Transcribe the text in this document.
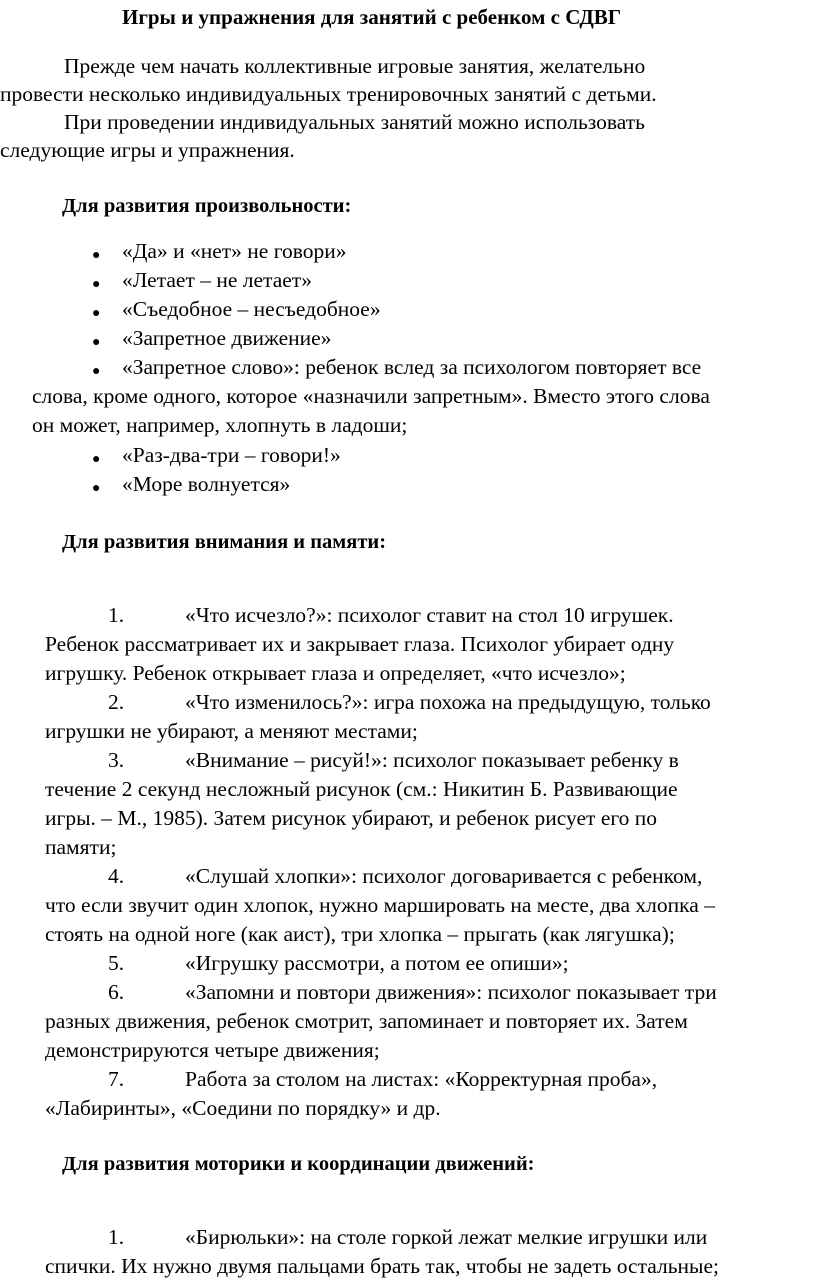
Игры и упражнения для занятий с ребенком с СДВГ
Прежде чем начать коллективные игровые занятия, желательно
провести несколько индивидуальных тренировочных занятий с детьми.
При проведении индивидуальных занятий можно использовать
следующие игры и упражнения.
Для развития произвольности:
● «Да» и «нет» не говори»
● «Летает – не летает»
● «Съедобное – несъедобное»
● «Запретное движение»
● «Запретное слово»: ребенок вслед за психологом повторяет все
слова, кроме одного, которое «назначили запретным». Вместо этого слова
он может, например, хлопнуть в ладоши;
● «Раз-два-три – говори!»
● «Море волнуется»
Для развития внимания и памяти:
1.	«Что исчезло?»: психолог ставит на стол 10 игрушек.
Ребенок рассматривает их и закрывает глаза. Психолог убирает одну
игрушку. Ребенок открывает глаза и определяет, «что исчезло»;
2.	«Что изменилось?»: игра похожа на предыдущую, только
игрушки не убирают, а меняют местами;
3.	«Внимание – рисуй!»: психолог показывает ребенку в
течение 2 секунд несложный рисунок (см.: Никитин Б. Развивающие
игры. – М., 1985). Затем рисунок убирают, и ребенок рисует его по
памяти;
4.	«Слушай хлопки»: психолог договаривается с ребенком,
что если звучит один хлопок, нужно маршировать на месте, два хлопка –
стоять на одной ноге (как аист), три хлопка – прыгать (как лягушка);
5.	«Игрушку рассмотри, а потом ее опиши»;
6.	«Запомни и повтори движения»: психолог показывает три
разных движения, ребенок смотрит, запоминает и повторяет их. Затем
демонстрируются четыре движения;
7.	Работа за столом на листах: «Корректурная проба»,
«Лабиринты», «Соедини по порядку» и др.
Для развития моторики и координации движений:
1.	«Бирюльки»: на столе горкой лежат мелкие игрушки или
спички. Их нужно двумя пальцами брать так, чтобы не задеть остальные;
